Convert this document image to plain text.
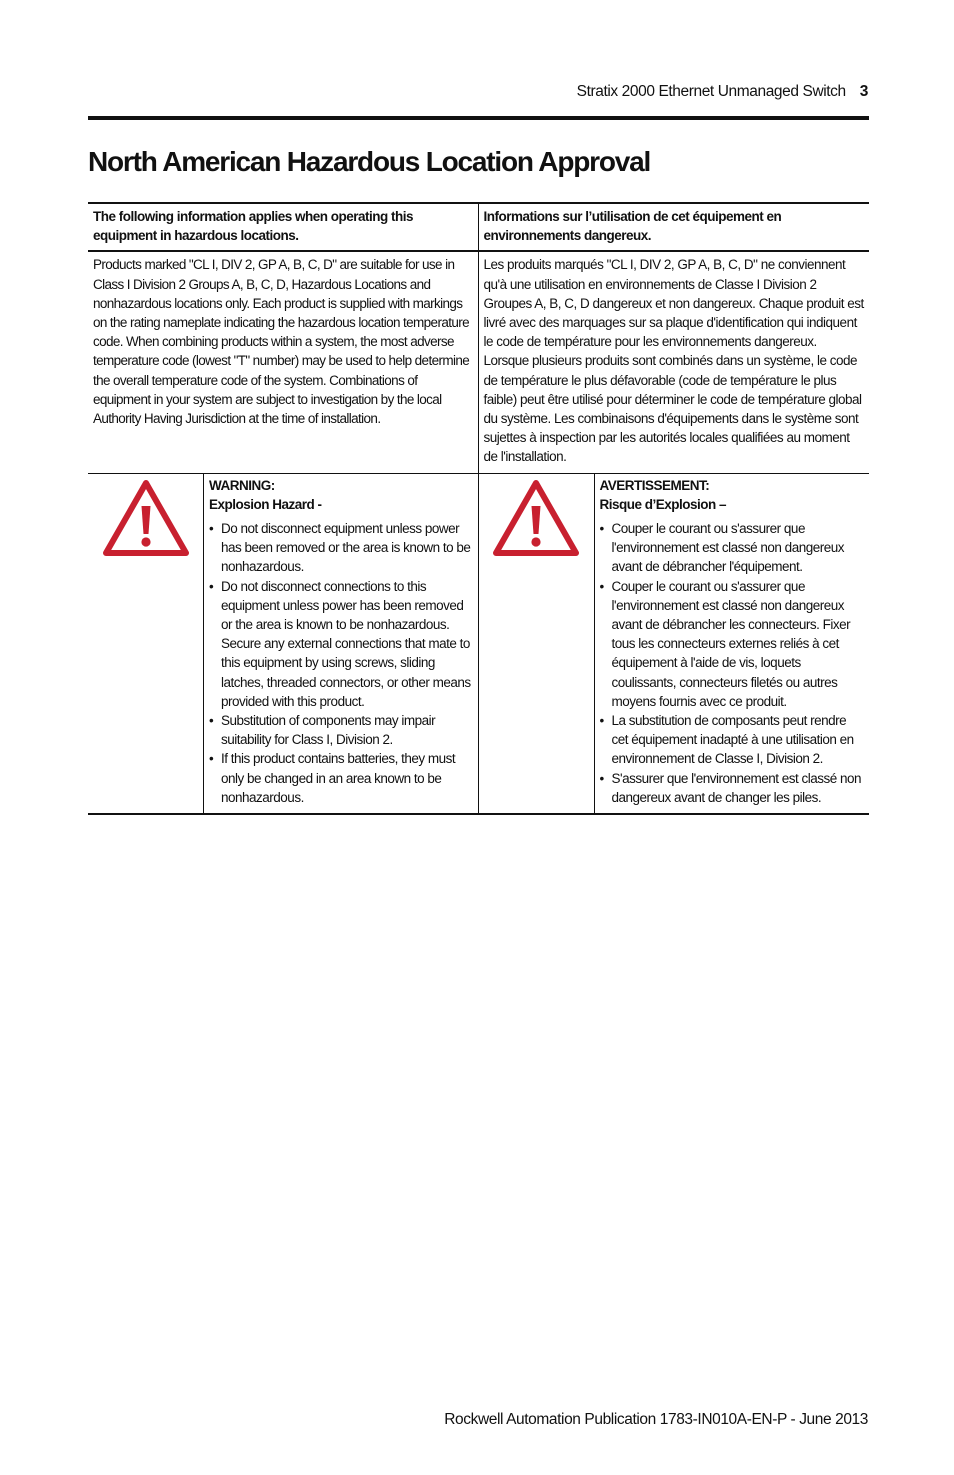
Stratix 2000 Ethernet Unmanaged Switch 3
North American Hazardous Location Approval
The following information applies when operating this equipment in hazardous locations.
Informations sur l’utilisation de cet équipement en environnements dangereux.
Products marked "CL I, DIV 2, GP A, B, C, D" are suitable for use in Class I Division 2 Groups A, B, C, D, Hazardous Locations and nonhazardous locations only. Each product is supplied with markings on the rating nameplate indicating the hazardous location temperature code. When combining products within a system, the most adverse temperature code (lowest "T" number) may be used to help determine the overall temperature code of the system. Combinations of equipment in your system are subject to investigation by the local Authority Having Jurisdiction at the time of installation.
Les produits marqués "CL I, DIV 2, GP A, B, C, D" ne conviennent qu'à une utilisation en environnements de Classe I Division 2 Groupes A, B, C, D dangereux et non dangereux. Chaque produit est livré avec des marquages sur sa plaque d'identification qui indiquent le code de température pour les environnements dangereux. Lorsque plusieurs produits sont combinés dans un système, le code de température le plus défavorable (code de température le plus faible) peut être utilisé pour déterminer le code de température global du système. Les combinaisons d'équipements dans le système sont sujettes à inspection par les autorités locales qualifiées au moment de l'installation.
WARNING:
Explosion Hazard -
• Do not disconnect equipment unless power has been removed or the area is known to be nonhazardous.
• Do not disconnect connections to this equipment unless power has been removed or the area is known to be nonhazardous. Secure any external connections that mate to this equipment by using screws, sliding latches, threaded connectors, or other means provided with this product.
• Substitution of components may impair suitability for Class I, Division 2.
• If this product contains batteries, they must only be changed in an area known to be nonhazardous.
AVERTISSEMENT:
Risque d’Explosion –
• Couper le courant ou s'assurer que l'environnement est classé non dangereux avant de débrancher l'équipement.
• Couper le courant ou s'assurer que l'environnement est classé non dangereux avant de débrancher les connecteurs. Fixer tous les connecteurs externes reliés à cet équipement à l'aide de vis, loquets coulissants, connecteurs filetés ou autres moyens fournis avec ce produit.
• La substitution de composants peut rendre cet équipement inadapté à une utilisation en environnement de Classe I, Division 2.
• S'assurer que l'environnement est classé non dangereux avant de changer les piles.
Rockwell Automation Publication 1783-IN010A-EN-P - June 2013
